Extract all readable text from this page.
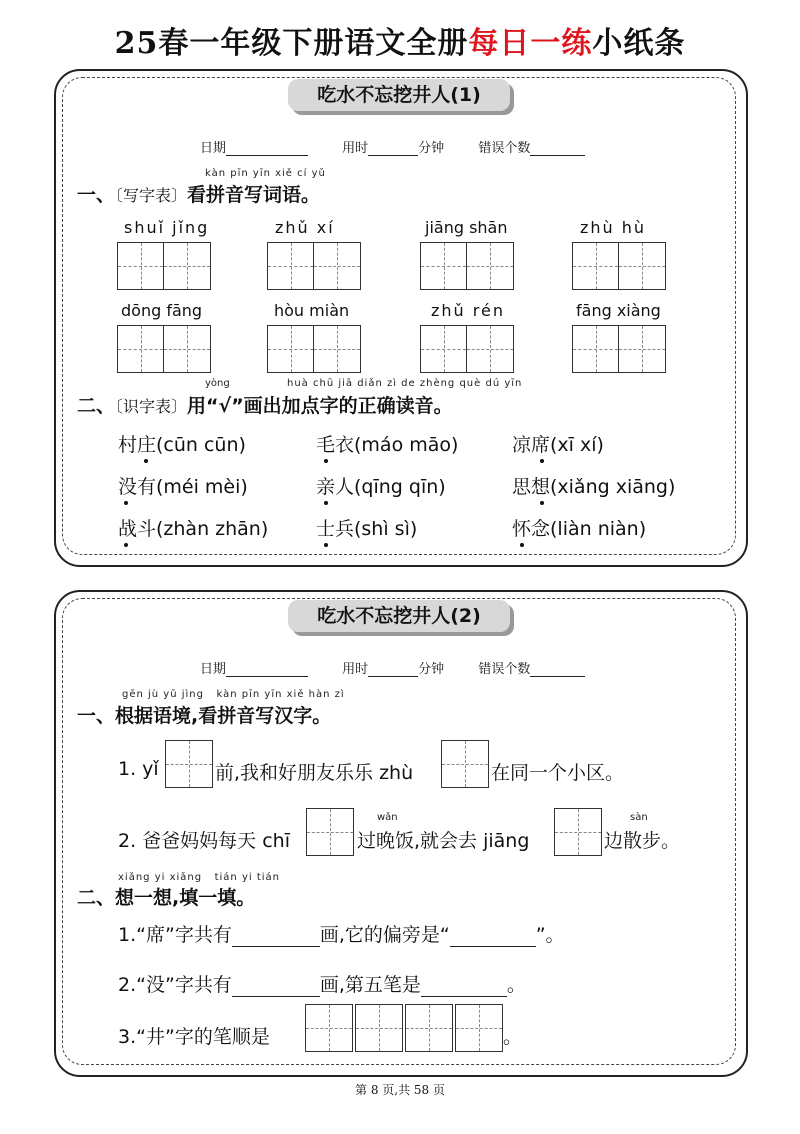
25春一年级下册语文全册每日一练小纸条
吃水不忘挖井人(1)
日期	用时	分钟	错误个数
kàn pīn yīn xiě cí yǔ
一、〔写字表〕看拼音写词语。
shuǐ jǐng	zhǔ xí	jiāng shān	zhù hù
dōng fāng	hòu miàn	zhǔ rén	fāng xiàng
yòng	huà chū jiā diǎn zì de zhèng què dú yīn
二、〔识字表〕用“√”画出加点字的正确读音。
村庄(cūn cūn)	毛衣(máo māo)	凉席(xī xí)
没有(méi mèi)	亲人(qīng qīn)	思想(xiǎng xiāng)
战斗(zhàn zhān)	士兵(shì sì)	怀念(liàn niàn)
吃水不忘挖井人(2)
日期	用时	分钟	错误个数
gēn jù yǔ jìng   kàn pīn yīn xiě hàn zì
一、根据语境,看拼音写汉字。
1. yǐ	前,我和好朋友乐乐 zhù	在同一个小区。
wǎn	sàn
2. 爸爸妈妈每天 chī	过晚饭,就会去 jiāng	边散步。
xiǎng yi xiǎng   tián yi tián
二、想一想,填一填。
1.“席”字共有	画,它的偏旁是“	”。
2.“没”字共有	画,第五笔是	。
3.“井”字的笔顺是	。
第 8 页,共 58 页
